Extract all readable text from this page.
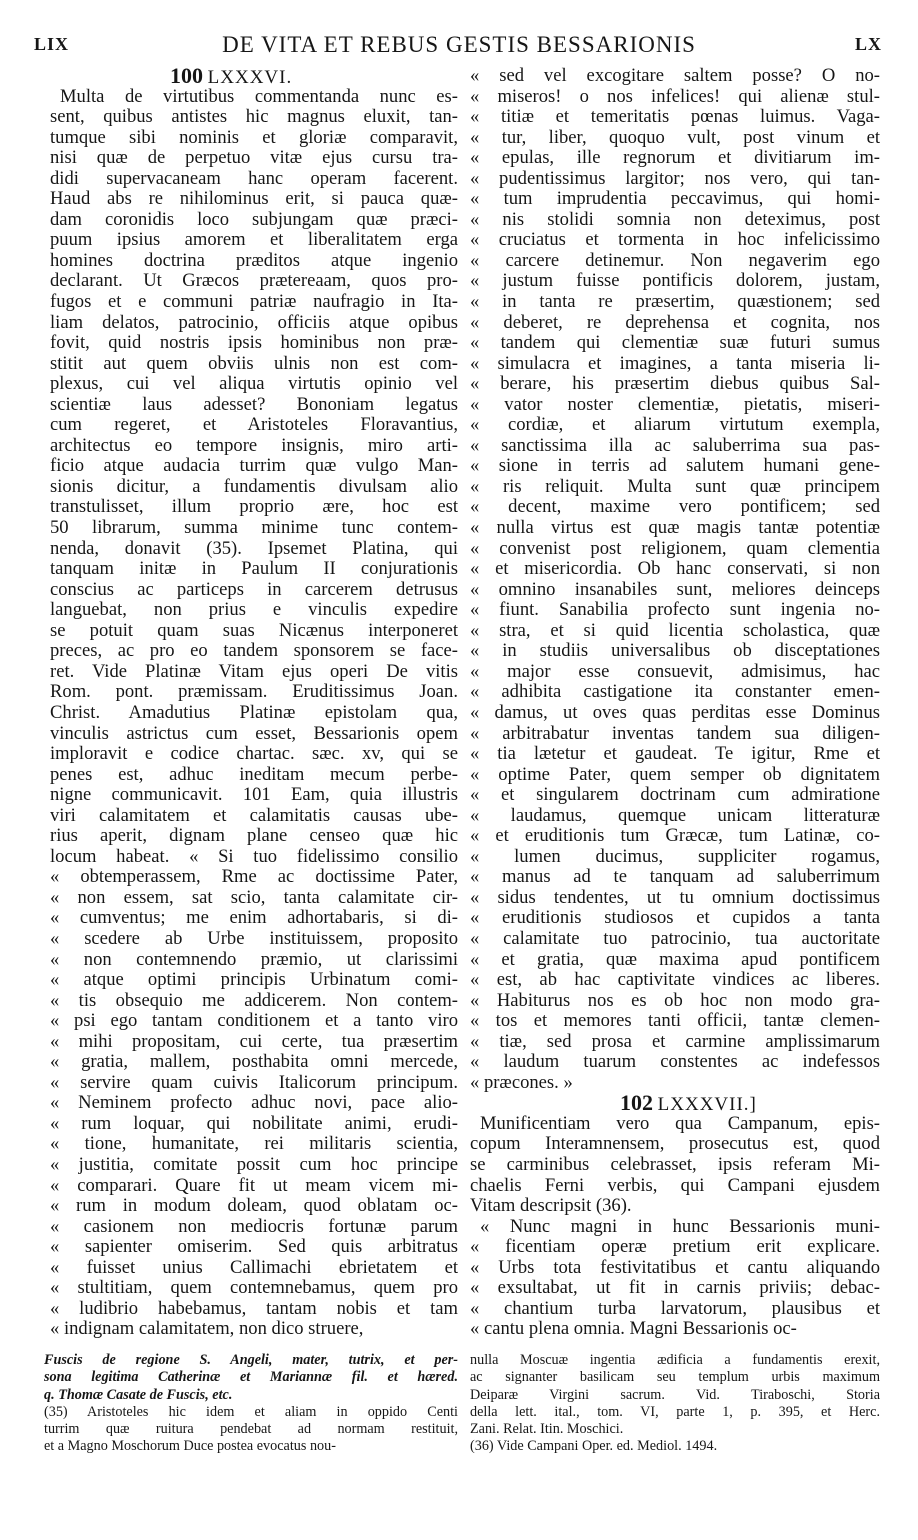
LIX	DE VITA ET REBUS GESTIS BESSARIONIS	LX
100 LXXXVI.
Multa de virtutibus commentanda nunc es-
sent, quibus antistes hic magnus eluxit, tan-
tumque sibi nominis et gloriæ comparavit,
nisi quæ de perpetuo vitæ ejus cursu tra-
didi supervacaneam hanc operam facerent.
Haud abs re nihilominus erit, si pauca quæ-
dam coronidis loco subjungam quæ præci-
puum ipsius amorem et liberalitatem erga
homines doctrina præditos atque ingenio
declarant. Ut Græcos prætereaam, quos pro-
fugos et e communi patriæ naufragio in Ita-
liam delatos, patrocinio, officiis atque opibus
fovit, quid nostris ipsis hominibus non præ-
stitit aut quem obviis ulnis non est com-
plexus, cui vel aliqua virtutis opinio vel
scientiæ laus adesset? Bononiam legatus
cum regeret, et Aristoteles Floravantius,
architectus eo tempore insignis, miro arti-
ficio atque audacia turrim quæ vulgo Man-
sionis dicitur, a fundamentis divulsam alio
transtulisset, illum proprio ære, hoc est
50 librarum, summa minime tunc contem-
nenda, donavit (35). Ipsemet Platina, qui
tanquam initæ in Paulum II conjurationis
conscius ac particeps in carcerem detrusus
languebat, non prius e vinculis expedire
se potuit quam suas Nicænus interponeret
preces, ac pro eo tandem sponsorem se face-
ret. Vide Platinæ Vitam ejus operi De vitis
Rom. pont. præmissam. Eruditissimus Joan.
Christ. Amadutius Platinæ epistolam qua,
vinculis astrictus cum esset, Bessarionis opem
imploravit e codice chartac. sæc. xv, qui se
penes est, adhuc ineditam mecum perbe-
nigne communicavit. 101 Eam, quia illustris
viri calamitatem et calamitatis causas ube-
rius aperit, dignam plane censeo quæ hic
locum habeat. « Si tuo fidelissimo consilio
« obtemperassem, Rme ac doctissime Pater,
« non essem, sat scio, tanta calamitate cir-
« cumventus; me enim adhortabaris, si di-
« scedere ab Urbe instituissem, proposito
« non contemnendo præmio, ut clarissimi
« atque optimi principis Urbinatum comi-
« tis obsequio me addicerem. Non contem-
« psi ego tantam conditionem et a tanto viro
« mihi propositam, cui certe, tua præsertim
« gratia, mallem, posthabita omni mercede,
« servire quam cuivis Italicorum principum.
« Neminem profecto adhuc novi, pace alio-
« rum loquar, qui nobilitate animi, erudi-
« tione, humanitate, rei militaris scientia,
« justitia, comitate possit cum hoc principe
« comparari. Quare fit ut meam vicem mi-
« rum in modum doleam, quod oblatam oc-
« casionem non mediocris fortunæ parum
« sapienter omiserim. Sed quis arbitratus
« fuisset unius Callimachi ebrietatem et
« stultitiam, quem contemnebamus, quem pro
« ludibrio habebamus, tantam nobis et tam
« indignam calamitatem, non dico struere,
« sed vel excogitare saltem posse? O no-
« miseros! o nos infelices! qui alienæ stul-
« titiæ et temeritatis pœnas luimus. Vaga-
« tur, liber, quoquo vult, post vinum et
« epulas, ille regnorum et divitiarum im-
« pudentissimus largitor; nos vero, qui tan-
« tum imprudentia peccavimus, qui homi-
« nis stolidi somnia non deteximus, post
« cruciatus et tormenta in hoc infelicissimo
« carcere detinemur. Non negaverim ego
« justum fuisse pontificis dolorem, justam,
« in tanta re præsertim, quæstionem; sed
« deberet, re deprehensa et cognita, nos
« tandem qui clementiæ suæ futuri sumus
« simulacra et imagines, a tanta miseria li-
« berare, his præsertim diebus quibus Sal-
« vator noster clementiæ, pietatis, miseri-
« cordiæ, et aliarum virtutum exempla,
« sanctissima illa ac saluberrima sua pas-
« sione in terris ad salutem humani gene-
« ris reliquit. Multa sunt quæ principem
« decent, maxime vero pontificem; sed
« nulla virtus est quæ magis tantæ potentiæ
« convenist post religionem, quam clementia
« et misericordia. Ob hanc conservati, si non
« omnino insanabiles sunt, meliores deinceps
« fiunt. Sanabilia profecto sunt ingenia no-
« stra, et si quid licentia scholastica, quæ
« in studiis universalibus ob disceptationes
« major esse consuevit, admisimus, hac
« adhibita castigatione ita constanter emen-
« damus, ut oves quas perditas esse Dominus
« arbitrabatur inventas tandem sua diligen-
« tia lætetur et gaudeat. Te igitur, Rme et
« optime Pater, quem semper ob dignitatem
« et singularem doctrinam cum admiratione
« laudamus, quemque unicam litteraturæ
« et eruditionis tum Græcæ, tum Latinæ, co-
« lumen ducimus, suppliciter rogamus,
« manus ad te tanquam ad saluberrimum
« sidus tendentes, ut tu omnium doctissimus
« eruditionis studiosos et cupidos a tanta
« calamitate tuo patrocinio, tua auctoritate
« et gratia, quæ maxima apud pontificem
« est, ab hac captivitate vindices ac liberes.
« Habiturus nos es ob hoc non modo gra-
« tos et memores tanti officii, tantæ clemen-
« tiæ, sed prosa et carmine amplissimarum
« laudum tuarum constentes ac indefessos
« præcones. »
102 LXXXVII.]
Munificentiam vero qua Campanum, epis-
copum Interamnensem, prosecutus est, quod
se carminibus celebrasset, ipsis referam Mi-
chaelis Ferni verbis, qui Campani ejusdem
Vitam descripsit (36).
« Nunc magni in hunc Bessarionis muni-
« ficentiam operæ pretium erit explicare.
« Urbs tota festivitatibus et cantu aliquando
« exsultabat, ut fit in carnis priviis; debac-
« chantium turba larvatorum, plausibus et
« cantu plena omnia. Magni Bessarionis oc-
Fuscis de regione S. Angeli, mater, tutrix, et per-
sona legitima Catherinæ et Mariannæ fil. et hæred.
q. Thomæ Casate de Fuscis, etc.
(35) Aristoteles hic idem et aliam in oppido Centi
turrim quæ ruitura pendebat ad normam restituit,
et a Magno Moschorum Duce postea evocatus nou-
nulla Moscuæ ingentia ædificia a fundamentis erexit,
ac signanter basilicam seu templum urbis maximum
Deiparæ Virgini sacrum. Vid. Tiraboschi, Storia
della lett. ital., tom. VI, parte 1, p. 395, et Herc.
Zani. Relat. Itin. Moschici.
(36) Vide Campani Oper. ed. Mediol. 1494.
